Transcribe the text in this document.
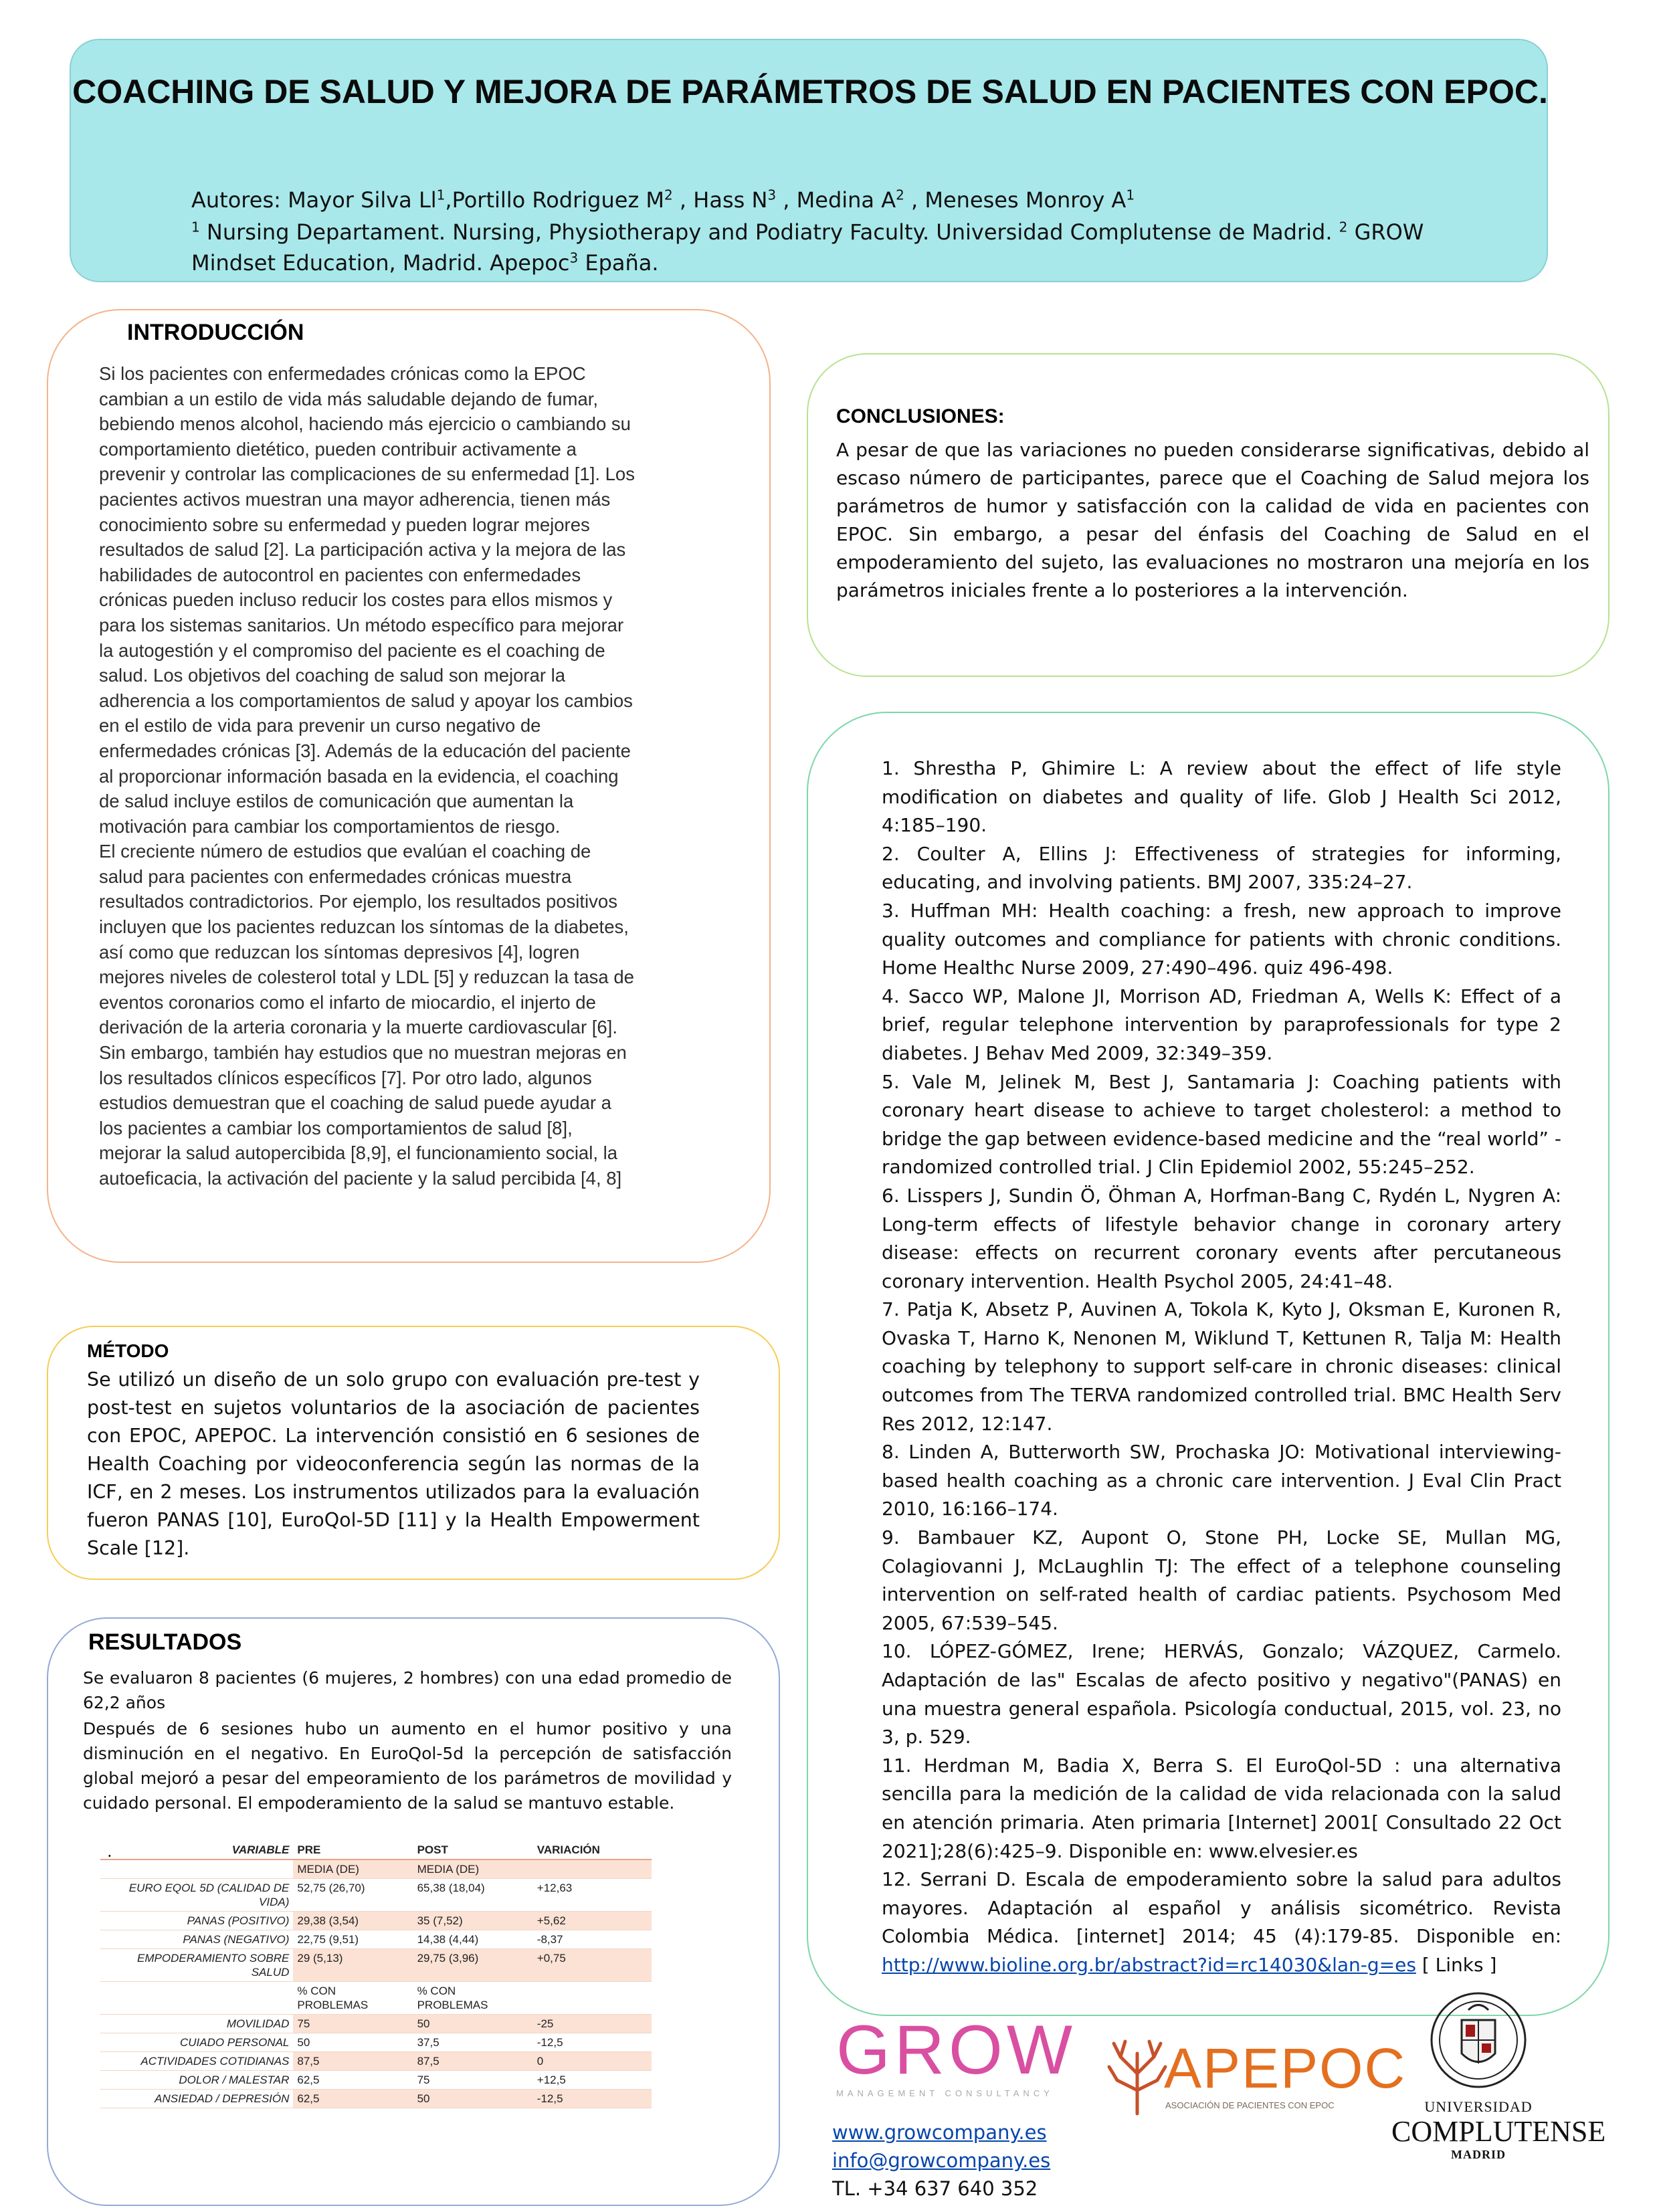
COACHING DE SALUD Y MEJORA DE PARÁMETROS DE SALUD EN PACIENTES CON EPOC.
Autores: Mayor Silva Ll$^1$,Portillo Rodriguez $M^2$ , Hass $N^3$ , Medina $A^2$ , Meneses Monroy $A^1$
$^1$ Nursing Departament. Nursing, Physiotherapy and Podiatry Faculty. Universidad Complutense de Madrid. $^2$ GROW Mindset Education, Madrid. Apepoc$^3$ Epaña.
INTRODUCCIÓN
Si los pacientes con enfermedades crónicas como la EPOC
cambian a un estilo de vida más saludable dejando de fumar,
bebiendo menos alcohol, haciendo más ejercicio o cambiando su
comportamiento dietético, pueden contribuir activamente a
prevenir y controlar las complicaciones de su enfermedad [1]. Los
pacientes activos muestran una mayor adherencia, tienen más
conocimiento sobre su enfermedad y pueden lograr mejores
resultados de salud [2]. La participación activa y la mejora de las
habilidades de autocontrol en pacientes con enfermedades
crónicas pueden incluso reducir los costes para ellos mismos y
para los sistemas sanitarios. Un método específico para mejorar
la autogestión y el compromiso del paciente es el coaching de
salud. Los objetivos del coaching de salud son mejorar la
adherencia a los comportamientos de salud y apoyar los cambios
en el estilo de vida para prevenir un curso negativo de
enfermedades crónicas [3]. Además de la educación del paciente
al proporcionar información basada en la evidencia, el coaching
de salud incluye estilos de comunicación que aumentan la
motivación para cambiar los comportamientos de riesgo.
El creciente número de estudios que evalúan el coaching de
salud para pacientes con enfermedades crónicas muestra
resultados contradictorios. Por ejemplo, los resultados positivos
incluyen que los pacientes reduzcan los síntomas de la diabetes,
así como que reduzcan los síntomas depresivos [4], logren
mejores niveles de colesterol total y LDL [5] y reduzcan la tasa de
eventos coronarios como el infarto de miocardio, el injerto de
derivación de la arteria coronaria y la muerte cardiovascular [6].
Sin embargo, también hay estudios que no muestran mejoras en
los resultados clínicos específicos [7]. Por otro lado, algunos
estudios demuestran que el coaching de salud puede ayudar a
los pacientes a cambiar los comportamientos de salud [8],
mejorar la salud autopercibida [8,9], el funcionamiento social, la
autoeficacia, la activación del paciente y la salud percibida [4, 8]
MÉTODO
Se utilizó un diseño de un solo grupo con evaluación pre-test y post-test en sujetos voluntarios de la asociación de pacientes con EPOC, APEPOC. La intervención consistió en 6 sesiones de Health Coaching por videoconferencia según las normas de la ICF, en 2 meses. Los instrumentos utilizados para la evaluación fueron PANAS [10], EuroQol-5D [11] y la Health Empowerment Scale [12].
RESULTADOS
Se evaluaron 8 pacientes (6 mujeres, 2 hombres) con una edad promedio de 62,2 años
Después de 6 sesiones hubo un aumento en el humor positivo y una disminución en el negativo. En EuroQol-5d la percepción de satisfacción global mejoró a pesar del empeoramiento de los parámetros de movilidad y cuidado personal. El empoderamiento de la salud se mantuvo estable.
.	VARIABLE	PRE	POST	VARIACIÓN
	MEDIA (DE)	MEDIA (DE)	
EURO EQOL 5D (CALIDAD DE VIDA)	52,75 (26,70)	65,38 (18,04)	+12,63
PANAS (POSITIVO)	29,38 (3,54)	35 (7,52)	+5,62
PANAS (NEGATIVO)	22,75 (9,51)	14,38 (4,44)	-8,37
EMPODERAMIENTO SOBRE SALUD	29 (5,13)	29,75 (3,96)	+0,75
	% CON PROBLEMAS	% CON PROBLEMAS	
MOVILIDAD	75	50	-25
CUIADO PERSONAL	50	37,5	-12,5
ACTIVIDADES COTIDIANAS	87,5	87,5	0
DOLOR / MALESTAR	62,5	75	+12,5
ANSIEDAD / DEPRESIÓN	62,5	50	-12,5
CONCLUSIONES:
A pesar de que las variaciones no pueden considerarse significativas, debido al escaso número de participantes, parece que el Coaching de Salud mejora los parámetros de humor y satisfacción con la calidad de vida en pacientes con EPOC. Sin embargo, a pesar del énfasis del Coaching de Salud en el empoderamiento del sujeto, las evaluaciones no mostraron una mejoría en los parámetros iniciales frente a lo posteriores a la intervención.
1. Shrestha P, Ghimire L: A review about the effect of life style modification on diabetes and quality of life. Glob J Health Sci 2012, 4:185–190.
2. Coulter A, Ellins J: Effectiveness of strategies for informing, educating, and involving patients. BMJ 2007, 335:24–27.
3. Huffman MH: Health coaching: a fresh, new approach to improve quality outcomes and compliance for patients with chronic conditions. Home Healthc Nurse 2009, 27:490–496. quiz 496-498.
4. Sacco WP, Malone JI, Morrison AD, Friedman A, Wells K: Effect of a brief, regular telephone intervention by paraprofessionals for type 2 diabetes. J Behav Med 2009, 32:349–359.
5. Vale M, Jelinek M, Best J, Santamaria J: Coaching patients with coronary heart disease to achieve to target cholesterol: a method to bridge the gap between evidence-based medicine and the “real world” -randomized controlled trial. J Clin Epidemiol 2002, 55:245–252.
6. Lisspers J, Sundin Ö, Öhman A, Horfman-Bang C, Rydén L, Nygren A: Long-term effects of lifestyle behavior change in coronary artery disease: effects on recurrent coronary events after percutaneous coronary intervention. Health Psychol 2005, 24:41–48.
7. Patja K, Absetz P, Auvinen A, Tokola K, Kyto J, Oksman E, Kuronen R, Ovaska T, Harno K, Nenonen M, Wiklund T, Kettunen R, Talja M: Health coaching by telephony to support self-care in chronic diseases: clinical outcomes from The TERVA randomized controlled trial. BMC Health Serv Res 2012, 12:147.
8. Linden A, Butterworth SW, Prochaska JO: Motivational interviewing-based health coaching as a chronic care intervention. J Eval Clin Pract 2010, 16:166–174.
9. Bambauer KZ, Aupont O, Stone PH, Locke SE, Mullan MG, Colagiovanni J, McLaughlin TJ: The effect of a telephone counseling intervention on self-rated health of cardiac patients. Psychosom Med 2005, 67:539–545.
10. LÓPEZ-GÓMEZ, Irene; HERVÁS, Gonzalo; VÁZQUEZ, Carmelo. Adaptación de las" Escalas de afecto positivo y negativo"(PANAS) en una muestra general española. Psicología conductual, 2015, vol. 23, no 3, p. 529.
11. Herdman M, Badia X, Berra S. El EuroQol-5D : una alternativa sencilla para la medición de la calidad de vida relacionada con la salud en atención primaria. Aten primaria [Internet] 2001[ Consultado 22 Oct 2021];28(6):425–9. Disponible en: www.elvesier.es
12. Serrani D. Escala de empoderamiento sobre la salud para adultos mayores. Adaptación al español y análisis sicométrico. Revista Colombia Médica. [internet] 2014; 45 (4):179-85. Disponible en: http://www.bioline.org.br/abstract?id=rc14030&lan-g=es [ Links ]
GROW
MANAGEMENT CONSULTANCY APEPOC
ASOCIACIÓN DE PACIENTES CON EPOC	UNIVERSIDAD
COMPLUTENSE
MADRID
www.growcompany.es
info@growcompany.es
TL. +34 637 640 352
